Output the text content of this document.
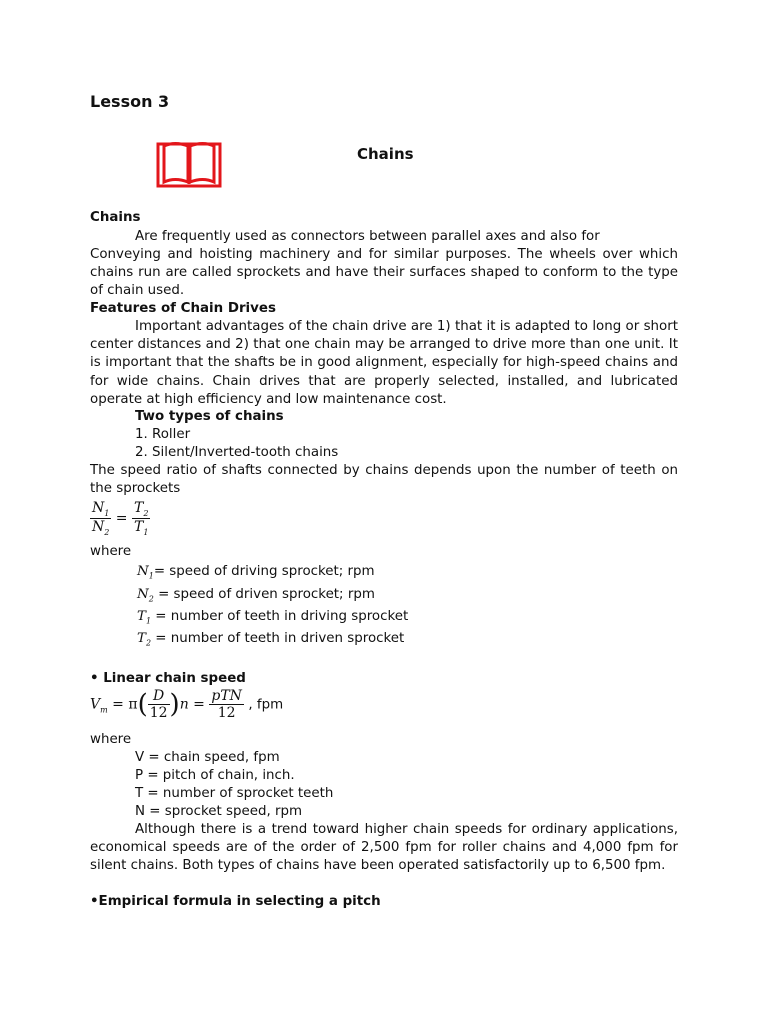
Lesson 3
Chains
Chains
Are frequently used as connectors between parallel axes and also for
Conveying and hoisting machinery and for similar purposes. The wheels over which chains run are called sprockets and have their surfaces shaped to conform to the type of chain used.
Features of Chain Drives
Important advantages of the chain drive are 1) that it is adapted to long or short center distances and 2) that one chain may be arranged to drive more than one unit. It is important that the shafts be in good alignment, especially for high-speed chains and for wide chains. Chain drives that are properly selected, installed, and lubricated operate at high efficiency and low maintenance cost.
Two types of chains
1. Roller
2. Silent/Inverted-tooth chains
The speed ratio of shafts connected by chains depends upon the number of teeth on the sprockets
$\frac{N_1}{N_2} = \frac{T_2}{T_1}$
where
$N_1=$ speed of driving sprocket; rpm
$N_2$ = speed of driven sprocket; rpm
$T_1$ = number of teeth in driving sprocket
$T_2$ = number of teeth in driven sprocket
• Linear chain speed
$V_m = \pi( \frac{D}{12} )n = \frac{\text{pTN}}{12}$ , fpm
where
V = chain speed, fpm
P = pitch of chain, inch.
T = number of sprocket teeth
N = sprocket speed, rpm
Although there is a trend toward higher chain speeds for ordinary applications, economical speeds are of the order of 2,500 fpm for roller chains and 4,000 fpm for silent chains. Both types of chains have been operated satisfactorily up to 6,500 fpm.
•Empirical formula in selecting a pitch
